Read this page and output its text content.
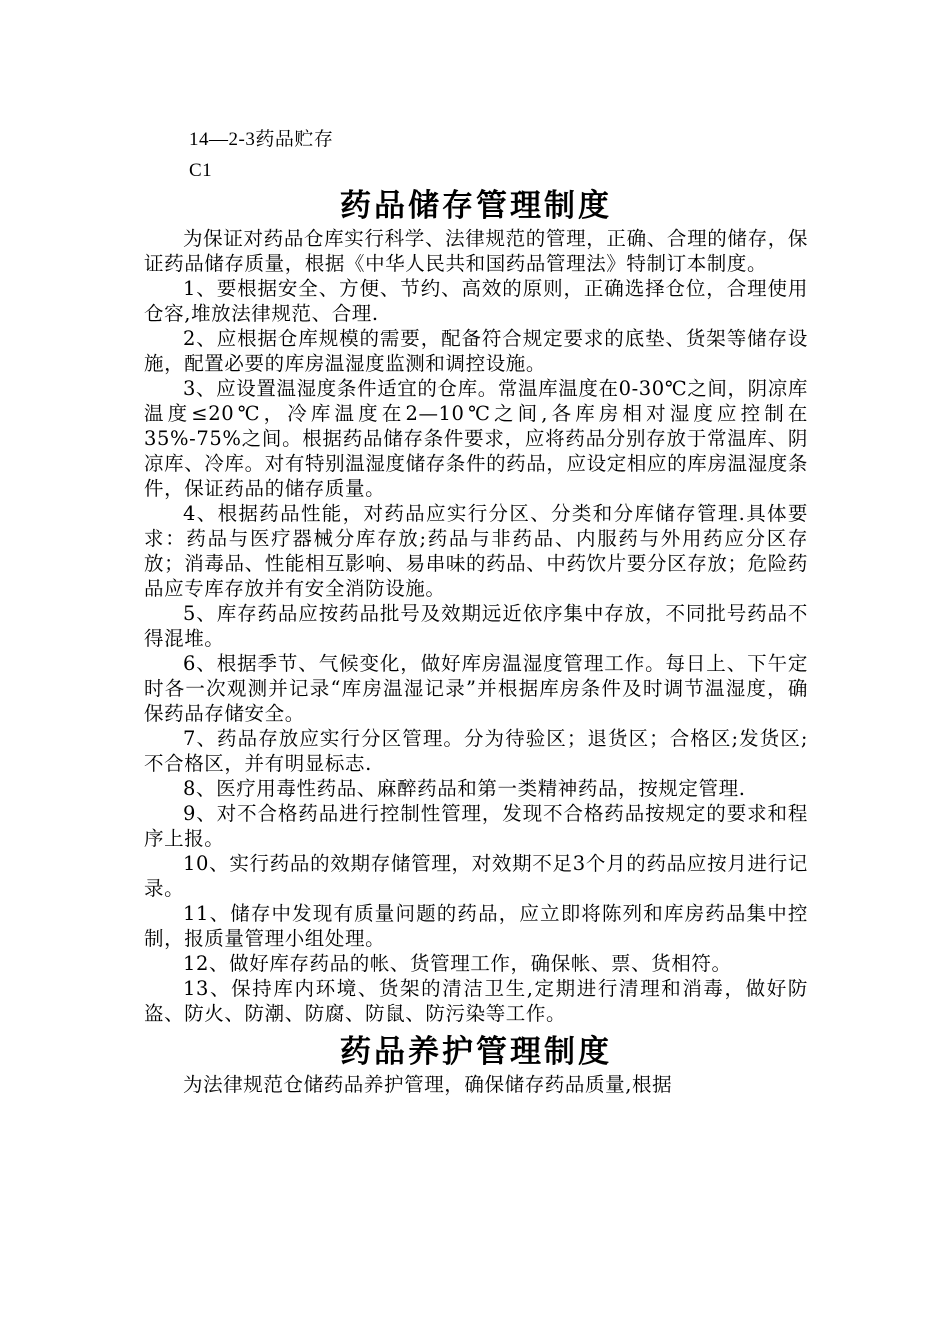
14—2-3药品贮存
C1
药品储存管理制度

为保证对药品仓库实行科学、法律规范的管理，正确、合理的储存，保证药品储存质量，根据《中华人民共和国药品管理法》特制订本制度。

1、要根据安全、方便、节约、高效的原则，正确选择仓位，合理使用仓容,堆放法律规范、合理.

2、应根据仓库规模的需要，配备符合规定要求的底垫、货架等储存设施，配置必要的库房温湿度监测和调控设施。

3、应设置温湿度条件适宜的仓库。常温库温度在0-30℃之间，阴凉库温度≤20℃，冷库温度在2—10℃之间,各库房相对湿度应控制在35%-75%之间。根据药品储存条件要求，应将药品分别存放于常温库、阴凉库、冷库。对有特别温湿度储存条件的药品，应设定相应的库房温湿度条件，保证药品的储存质量。

4、根据药品性能，对药品应实行分区、分类和分库储存管理.具体要求：药品与医疗器械分库存放;药品与非药品、内服药与外用药应分区存放；消毒品、性能相互影响、易串味的药品、中药饮片要分区存放；危险药品应专库存放并有安全消防设施。

5、库存药品应按药品批号及效期远近依序集中存放，不同批号药品不得混堆。

6、根据季节、气候变化，做好库房温湿度管理工作。每日上、下午定时各一次观测并记录“库房温湿记录”并根据库房条件及时调节温湿度，确保药品存储安全。

7、药品存放应实行分区管理。分为待验区；退货区；合格区;发货区;不合格区，并有明显标志.

8、医疗用毒性药品、麻醉药品和第一类精神药品，按规定管理.

9、对不合格药品进行控制性管理，发现不合格药品按规定的要求和程序上报。

10、实行药品的效期存储管理，对效期不足3个月的药品应按月进行记录。

11、储存中发现有质量问题的药品，应立即将陈列和库房药品集中控制，报质量管理小组处理。

12、做好库存药品的帐、货管理工作，确保帐、票、货相符。

13、保持库内环境、货架的清洁卫生,定期进行清理和消毒，做好防盗、防火、防潮、防腐、防鼠、防污染等工作。

药品养护管理制度

为法律规范仓储药品养护管理，确保储存药品质量,根据
